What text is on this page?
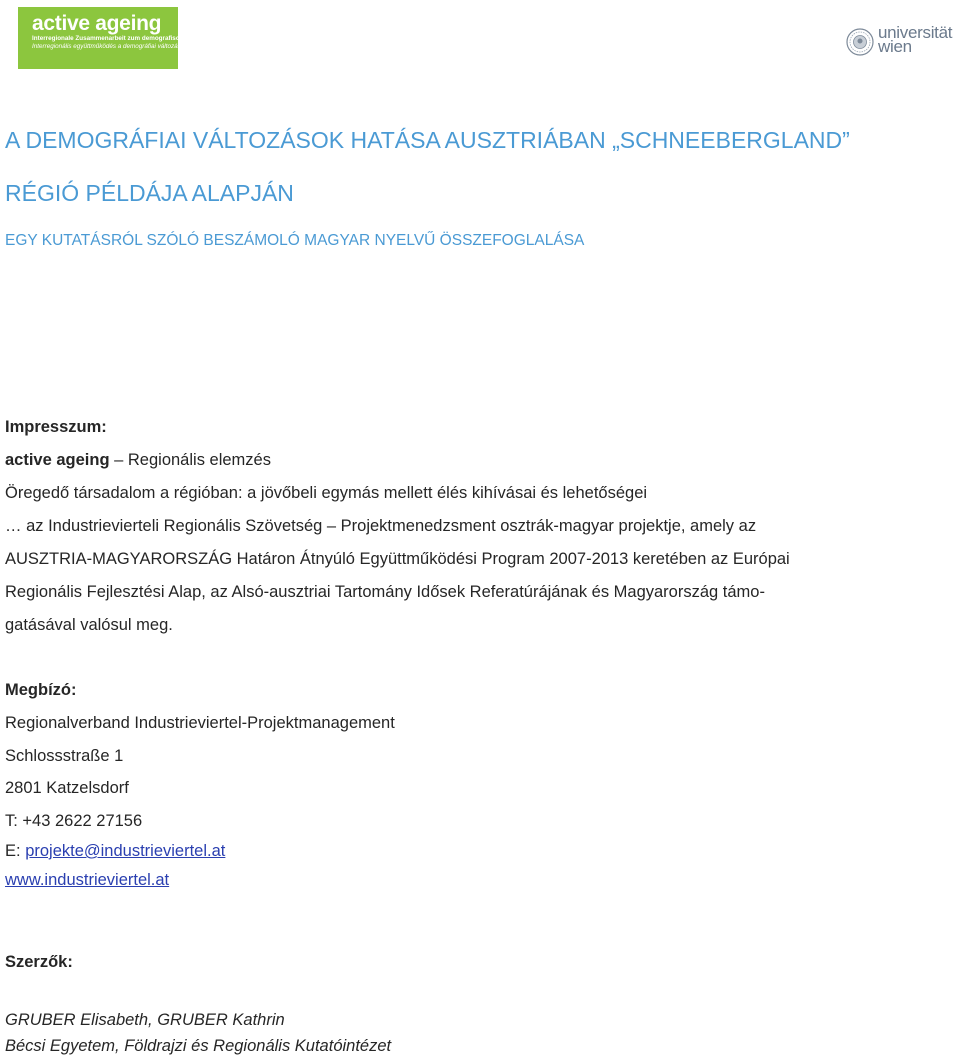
active ageing
Interregionale Zusammenarbeit zum demografischen Wandel
Interregionális együttműködés a demográfiai változások jegyében
universität
wien
A DEMOGRÁFIAI VÁLTOZÁSOK HATÁSA AUSZTRIÁBAN „SCHNEEBERGLAND”
RÉGIÓ PÉLDÁJA ALAPJÁN
EGY KUTATÁSRÓL SZÓLÓ BESZÁMOLÓ MAGYAR NYELVŰ ÖSSZEFOGLALÁSA
Impresszum:
active ageing – Regionális elemzés
Öregedő társadalom a régióban: a jövőbeli egymás mellett élés kihívásai és lehetőségei
… az Industrievierteli Regionális Szövetség – Projektmenedzsment osztrák-magyar projektje, amely az
AUSZTRIA-MAGYARORSZÁG Határon Átnyúló Együttműködési Program 2007-2013 keretében az Európai
Regionális Fejlesztési Alap, az Alsó-ausztriai Tartomány Idősek Referatúrájának és Magyarország támo-
gatásával valósul meg.
Megbízó:
Regionalverband Industrieviertel-Projektmanagement
Schlossstraße 1
2801 Katzelsdorf
T: +43 2622 27156
E: projekte@industrieviertel.at
www.industrieviertel.at
Szerzők:
GRUBER Elisabeth, GRUBER Kathrin
Bécsi Egyetem, Földrajzi és Regionális Kutatóintézet
